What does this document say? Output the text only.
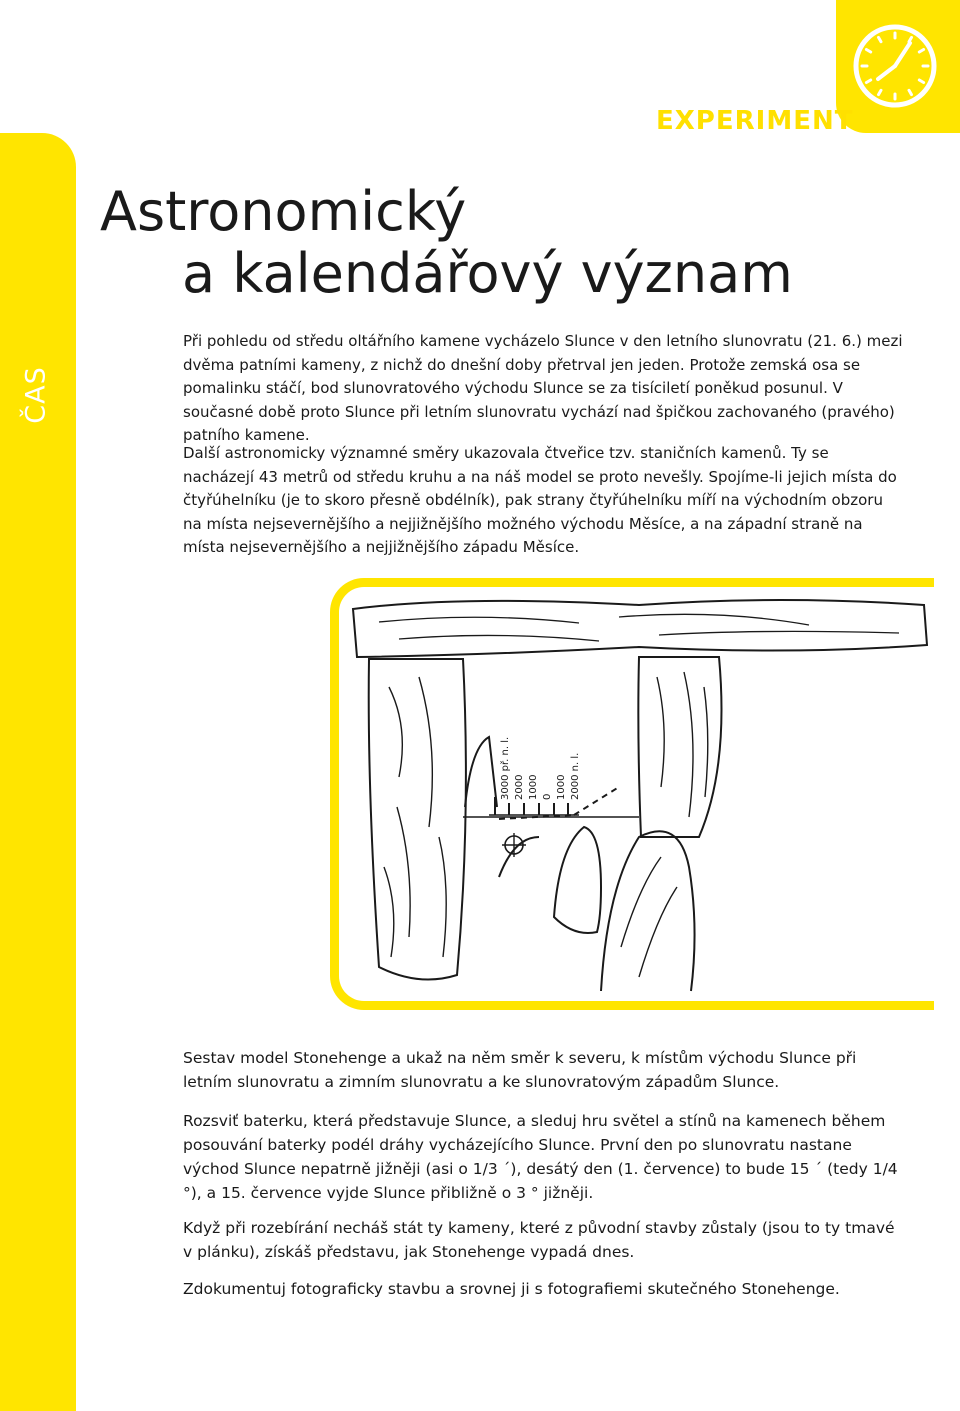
ČAS
EXPERIMENT
Astronomický
a kalendářový význam

Při pohledu od středu oltářního kamene vycházelo Slunce v den letního slunovratu (21. 6.) mezi dvěma patními kameny, z nichž do dnešní doby přetrval jen jeden. Protože zemská osa se pomalinku stáčí, bod slunovratového východu Slunce se za tisíciletí poněkud posunul. V současné době proto Slunce při letním slunovratu vychází nad špičkou zachovaného (pravého) patního kamene.

Další astronomicky významné směry ukazovala čtveřice tzv. staničních kamenů. Ty se nacházejí 43 metrů od středu kruhu a na náš model se proto nevešly. Spojíme-li jejich místa do čtyřúhelníku (je to skoro přesně obdélník), pak strany čtyřúhelníku míří na východním obzoru na místa nejsevernějšího a nejjižnějšího možného východu Měsíce, a na západní straně na místa nejsevernějšího a nejjižnějšího západu Měsíce.

3000 př. n. l. 2000 1000 0 1000 2000 n. l.

Sestav model Stonehenge a ukaž na něm směr k severu, k místům východu Slunce při letním slunovratu a zimním slunovratu a ke slunovratovým západům Slunce.

Rozsviť baterku, která představuje Slunce, a sleduj hru světel a stínů na kamenech během posouvání baterky podél dráhy vycházejícího Slunce. První den po slunovratu nastane východ Slunce nepatrně jižněji (asi o 1/3 ´), desátý den (1. července) to bude 15 ´ (tedy 1/4 °), a 15. července vyjde Slunce přibližně o 3 ° jižněji.

Když při rozebírání necháš stát ty kameny, které z původní stavby zůstaly (jsou to ty tmavé v plánku), získáš představu, jak Stonehenge vypadá dnes.

Zdokumentuj fotograficky stavbu a srovnej ji s fotografiemi skutečného Stonehenge.
